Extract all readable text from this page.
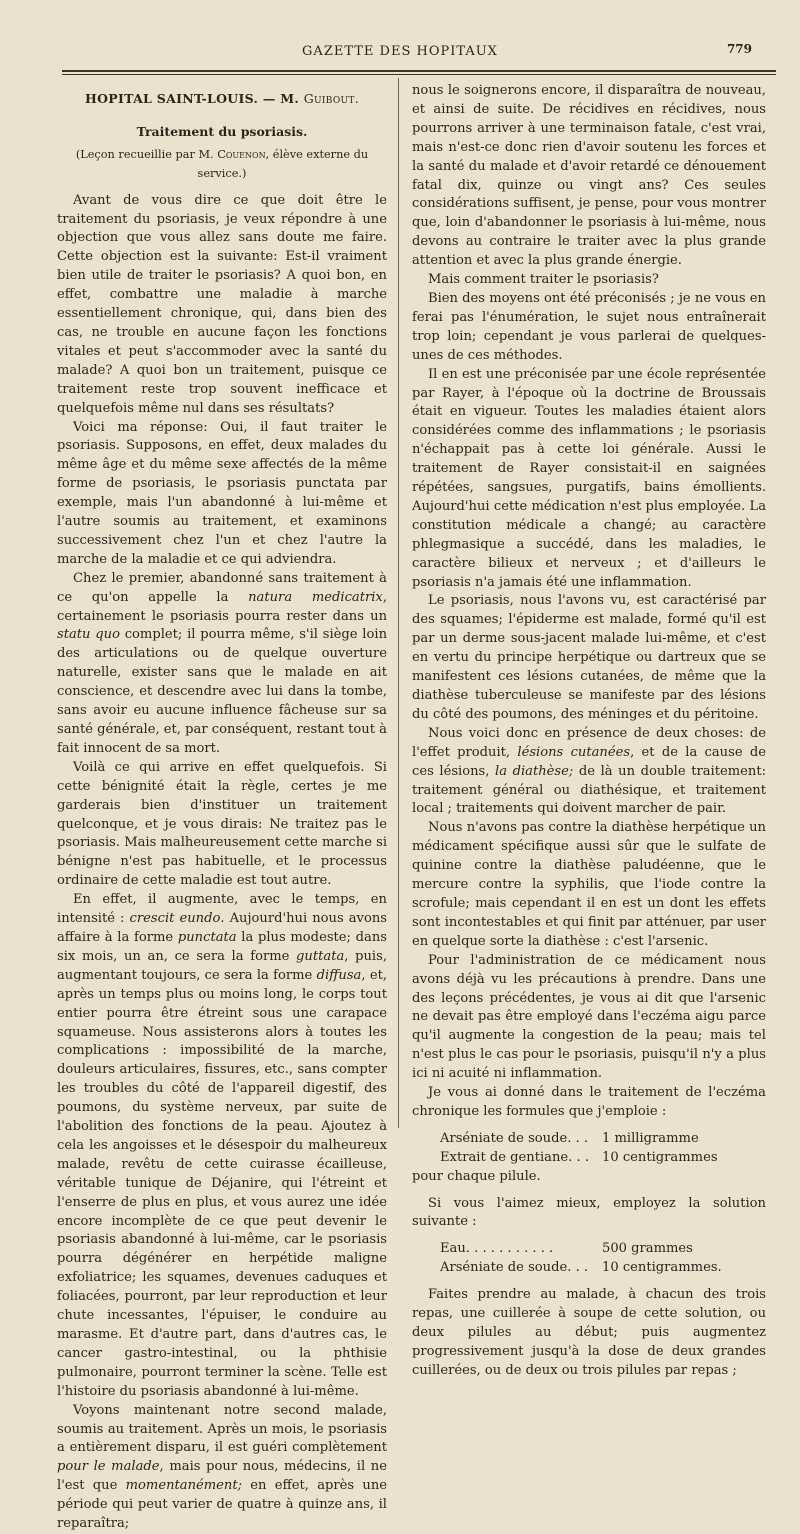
GAZETTE DES HOPITAUX	779
HOPITAL SAINT-LOUIS. — M. Guibout.
Traitement du psoriasis.
(Leçon recueillie par M. Couenon, élève externe du service.)

Avant de vous dire ce que doit être le traitement du psoriasis, je veux répondre à une objection que vous allez sans doute me faire. Cette objection est la suivante: Est-il vraiment bien utile de traiter le psoriasis? A quoi bon, en effet, combattre une maladie à marche essentiellement chronique, qui, dans bien des cas, ne trouble en aucune façon les fonctions vitales et peut s'accommoder avec la santé du malade? A quoi bon un traitement, puisque ce traitement reste trop souvent inefficace et quelquefois même nul dans ses résultats?

Voici ma réponse: Oui, il faut traiter le psoriasis. Supposons, en effet, deux malades du même âge et du même sexe affectés de la même forme de psoriasis, le psoriasis punctata par exemple, mais l'un abandonné à lui-même et l'autre soumis au traitement, et examinons successivement chez l'un et chez l'autre la marche de la maladie et ce qui adviendra.

Chez le premier, abandonné sans traitement à ce qu'on appelle la natura medicatrix, certainement le psoriasis pourra rester dans un statu quo complet; il pourra même, s'il siège loin des articulations ou de quelque ouverture naturelle, exister sans que le malade en ait conscience, et descendre avec lui dans la tombe, sans avoir eu aucune influence fâcheuse sur sa santé générale, et, par conséquent, restant tout à fait innocent de sa mort.

Voilà ce qui arrive en effet quelquefois. Si cette bénignité était la règle, certes je me garderais bien d'instituer un traitement quelconque, et je vous dirais: Ne traitez pas le psoriasis. Mais malheureusement cette marche si bénigne n'est pas habituelle, et le processus ordinaire de cette maladie est tout autre.

En effet, il augmente, avec le temps, en intensité : crescit eundo. Aujourd'hui nous avons affaire à la forme punctata la plus modeste; dans six mois, un an, ce sera la forme guttata, puis, augmentant toujours, ce sera la forme diffusa, et, après un temps plus ou moins long, le corps tout entier pourra être étreint sous une carapace squameuse. Nous assisterons alors à toutes les complications : impossibilité de la marche, douleurs articulaires, fissures, etc., sans compter les troubles du côté de l'appareil digestif, des poumons, du système nerveux, par suite de l'abolition des fonctions de la peau. Ajoutez à cela les angoisses et le désespoir du malheureux malade, revêtu de cette cuirasse écailleuse, véritable tunique de Déjanire, qui l'étreint et l'enserre de plus en plus, et vous aurez une idée encore incomplète de ce que peut devenir le psoriasis abandonné à lui-même, car le psoriasis pourra dégénérer en herpétide maligne exfoliatrice; les squames, devenues caduques et foliacées, pourront, par leur reproduction et leur chute incessantes, l'épuiser, le conduire au marasme. Et d'autre part, dans d'autres cas, le cancer gastro-intestinal, ou la phthisie pulmonaire, pourront terminer la scène. Telle est l'histoire du psoriasis abandonné à lui-même.

Voyons maintenant notre second malade, soumis au traitement. Après un mois, le psoriasis a entièrement disparu, il est guéri complètement pour le malade, mais pour nous, médecins, il ne l'est que momentanément; en effet, après une période qui peut varier de quatre à quinze ans, il reparaîtra;

nous le soignerons encore, il disparaîtra de nouveau, et ainsi de suite. De récidives en récidives, nous pourrons arriver à une terminaison fatale, c'est vrai, mais n'est-ce donc rien d'avoir soutenu les forces et la santé du malade et d'avoir retardé ce dénouement fatal dix, quinze ou vingt ans? Ces seules considérations suffisent, je pense, pour vous montrer que, loin d'abandonner le psoriasis à lui-même, nous devons au contraire le traiter avec la plus grande attention et avec la plus grande énergie.

Mais comment traiter le psoriasis?

Bien des moyens ont été préconisés ; je ne vous en ferai pas l'énumération, le sujet nous entraînerait trop loin; cependant je vous parlerai de quelques-unes de ces méthodes.

Il en est une préconisée par une école représentée par Rayer, à l'époque où la doctrine de Broussais était en vigueur. Toutes les maladies étaient alors considérées comme des inflammations ; le psoriasis n'échappait pas à cette loi générale. Aussi le traitement de Rayer consistait-il en saignées répétées, sangsues, purgatifs, bains émollients. Aujourd'hui cette médication n'est plus employée. La constitution médicale a changé; au caractère phlegmasique a succédé, dans les maladies, le caractère bilieux et nerveux ; et d'ailleurs le psoriasis n'a jamais été une inflammation.

Le psoriasis, nous l'avons vu, est caractérisé par des squames; l'épiderme est malade, formé qu'il est par un derme sous-jacent malade lui-même, et c'est en vertu du principe herpétique ou dartreux que se manifestent ces lésions cutanées, de même que la diathèse tuberculeuse se manifeste par des lésions du côté des poumons, des méninges et du péritoine.

Nous voici donc en présence de deux choses: de l'effet produit, lésions cutanées, et de la cause de ces lésions, la diathèse; de là un double traitement: traitement général ou diathésique, et traitement local ; traitements qui doivent marcher de pair.

Nous n'avons pas contre la diathèse herpétique un médicament spécifique aussi sûr que le sulfate de quinine contre la diathèse paludéenne, que le mercure contre la syphilis, que l'iode contre la scrofule; mais cependant il en est un dont les effets sont incontestables et qui finit par atténuer, par user en quelque sorte la diathèse : c'est l'arsenic.

Pour l'administration de ce médicament nous avons déjà vu les précautions à prendre. Dans une des leçons précédentes, je vous ai dit que l'arsenic ne devait pas être employé dans l'eczéma aigu parce qu'il augmente la congestion de la peau; mais tel n'est plus le cas pour le psoriasis, puisqu'il n'y a plus ici ni acuité ni inflammation.

Je vous ai donné dans le traitement de l'eczéma chronique les formules que j'emploie :

Arséniate de soude. . .	1 milligramme
Extrait de gentiane. . . 10 centigrammes

pour chaque pilule.

Si vous l'aimez mieux, employez la solution suivante :

Eau. . . . . . . . . . .	500 grammes
Arséniate de soude. . .	10 centigrammes.

Faites prendre au malade, à chacun des trois repas, une cuillerée à soupe de cette solution, ou deux pilules au début; puis augmentez progressivement jusqu'à la dose de deux grandes cuillerées, ou de deux ou trois pilules par repas ;
